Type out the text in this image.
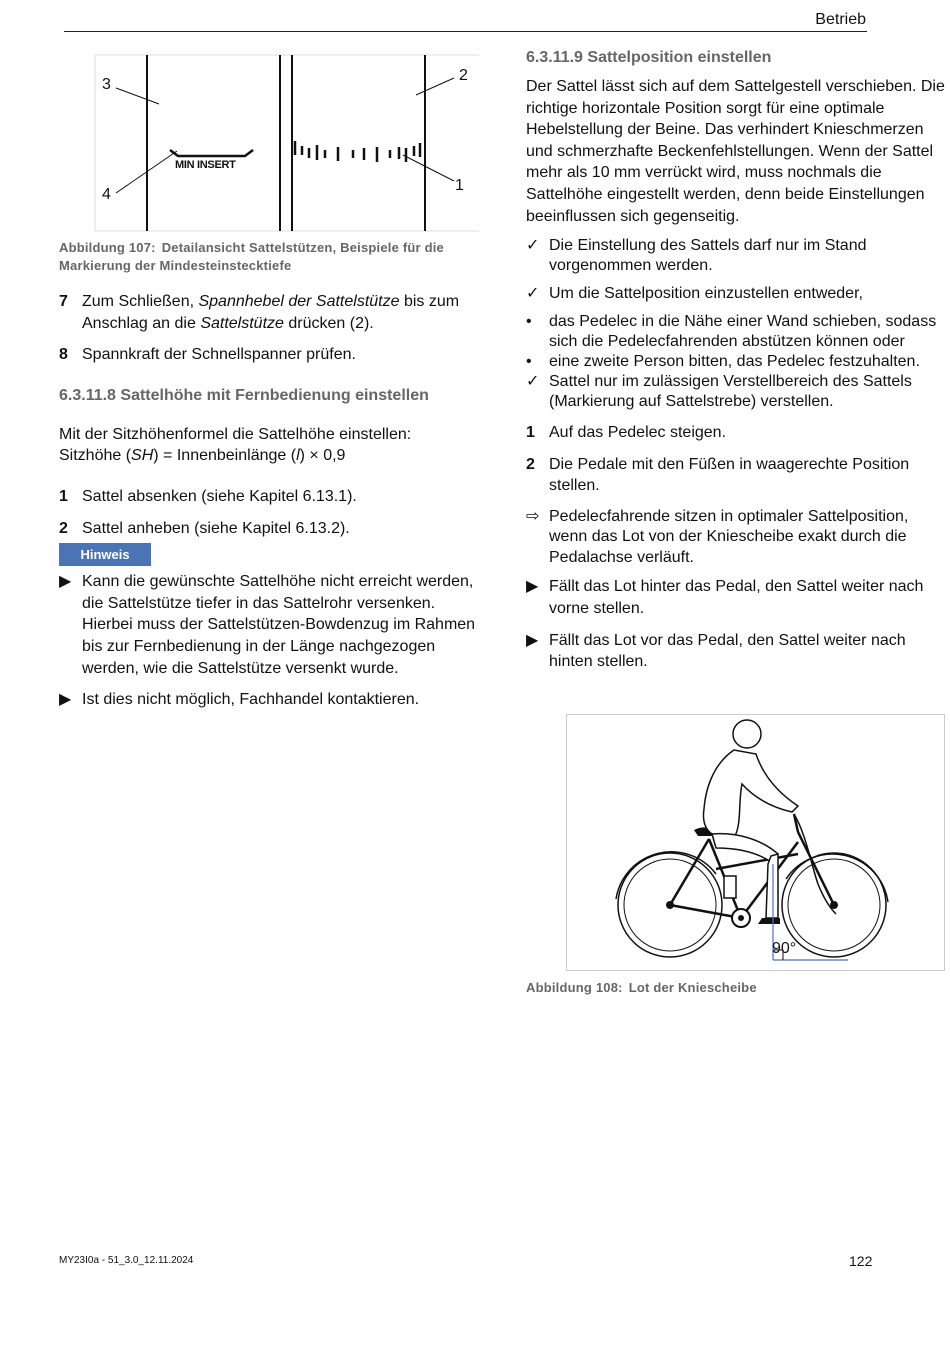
Betrieb
3
2
4
1
MIN INSERT
Abbildung 107: Detailansicht Sattelstützen, Beispiele für die Markierung der Mindesteinstecktiefe
7 Zum Schließen, Spannhebel der Sattelstütze bis zum Anschlag an die Sattelstütze drücken (2).
8 Spannkraft der Schnellspanner prüfen.
6.3.11.8 Sattelhöhe mit Fernbedienung einstellen
Mit der Sitzhöhenformel die Sattelhöhe einstellen:
Sitzhöhe (SH) = Innenbeinlänge (l) × 0,9
1 Sattel absenken (siehe Kapitel 6.13.1).
2 Sattel anheben (siehe Kapitel 6.13.2).
Hinweis
▶ Kann die gewünschte Sattelhöhe nicht erreicht werden, die Sattelstütze tiefer in das Sattelrohr versenken. Hierbei muss der Sattelstützen-Bowdenzug im Rahmen bis zur Fernbedienung in der Länge nachgezogen werden, wie die Sattelstütze versenkt wurde.
▶ Ist dies nicht möglich, Fachhandel kontaktieren.
6.3.11.9 Sattelposition einstellen
Der Sattel lässt sich auf dem Sattelgestell verschieben. Die richtige horizontale Position sorgt für eine optimale Hebelstellung der Beine. Das verhindert Knieschmerzen und schmerzhafte Beckenfehlstellungen. Wenn der Sattel mehr als 10 mm verrückt wird, muss nochmals die Sattelhöhe eingestellt werden, denn beide Einstellungen beeinflussen sich gegenseitig.
✓ Die Einstellung des Sattels darf nur im Stand vorgenommen werden.
✓ Um die Sattelposition einzustellen entweder,
• das Pedelec in die Nähe einer Wand schieben, sodass sich die Pedelecfahrenden abstützen können oder
• eine zweite Person bitten, das Pedelec festzuhalten.
✓ Sattel nur im zulässigen Verstellbereich des Sattels (Markierung auf Sattelstrebe) verstellen.
1 Auf das Pedelec steigen.
2 Die Pedale mit den Füßen in waagerechte Position stellen.
⇨ Pedelecfahrende sitzen in optimaler Sattelposition, wenn das Lot von der Kniescheibe exakt durch die Pedalachse verläuft.
▶ Fällt das Lot hinter das Pedal, den Sattel weiter nach vorne stellen.
▶ Fällt das Lot vor das Pedal, den Sattel weiter nach hinten stellen.
90°
Abbildung 108: Lot der Kniescheibe
MY23I0a - 51_3.0_12.11.2024	122
